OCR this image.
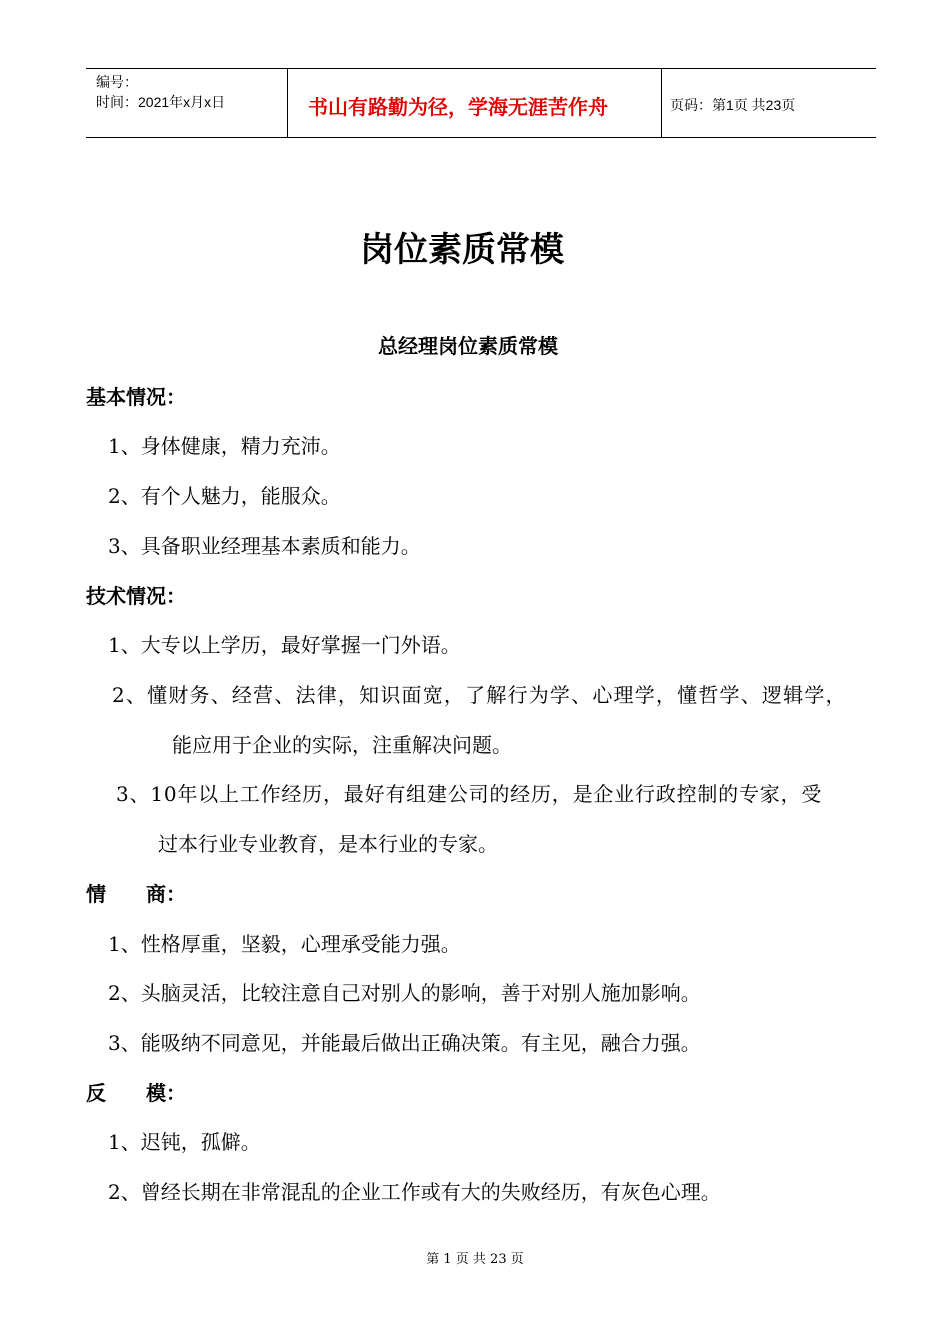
编号：
时间：2021年x月x日	书山有路勤为径，学海无涯苦作舟	页码：第1页 共23页
岗位素质常模
总经理岗位素质常模
基本情况：
1、身体健康，精力充沛。
2、有个人魅力，能服众。
3、具备职业经理基本素质和能力。
技术情况：
1、大专以上学历，最好掌握一门外语。
2、懂财务、经营、法律，知识面宽，了解行为学、心理学，懂哲学、逻辑学，
能应用于企业的实际，注重解决问题。
3、10年以上工作经历，最好有组建公司的经历，是企业行政控制的专家，受
过本行业专业教育，是本行业的专家。
情　　商：
1、性格厚重，坚毅，心理承受能力强。
2、头脑灵活，比较注意自己对别人的影响，善于对别人施加影响。
3、能吸纳不同意见，并能最后做出正确决策。有主见，融合力强。
反　　模：
1、迟钝，孤僻。
2、曾经长期在非常混乱的企业工作或有大的失败经历，有灰色心理。
第 1 页 共 23 页
